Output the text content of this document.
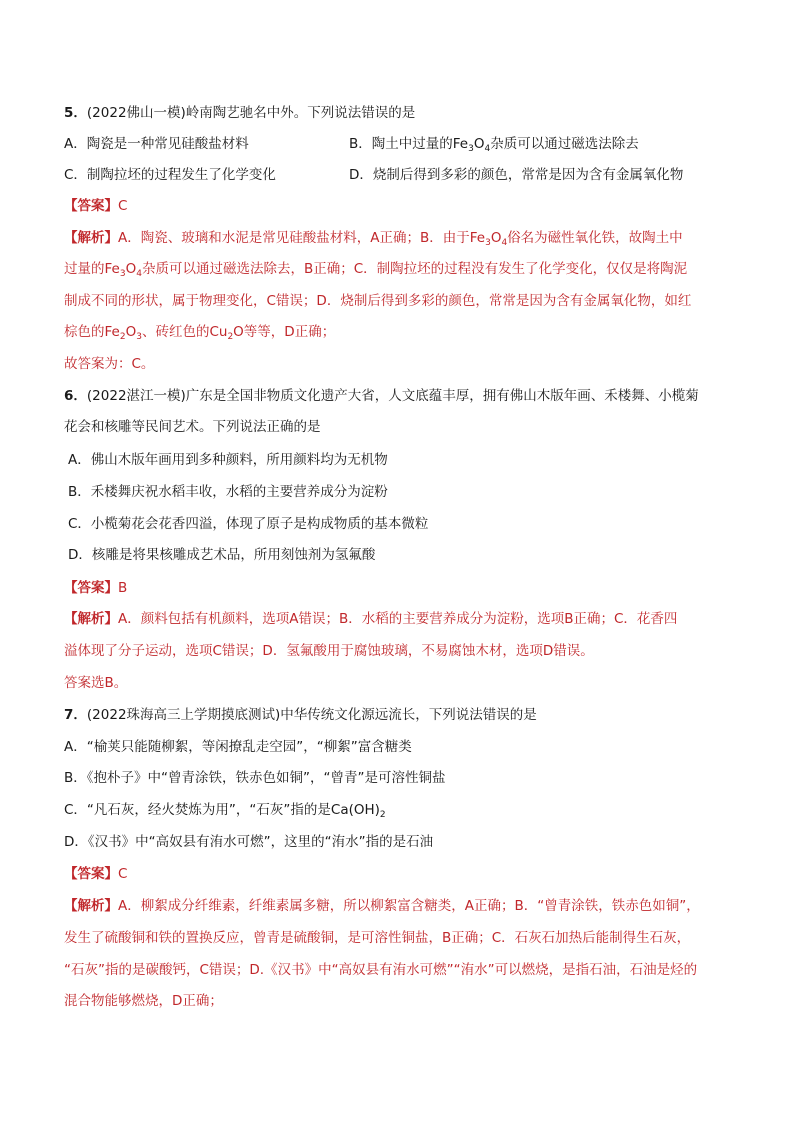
5．(2022佛山一模)岭南陶艺驰名中外。下列说法错误的是
A．陶瓷是一种常见硅酸盐材料	B．陶土中过量的$Fe_3O_4$杂质可以通过磁选法除去
C．制陶拉坯的过程发生了化学变化	D．烧制后得到多彩的颜色，常常是因为含有金属氧化物
【答案】C
【解析】A．陶瓷、玻璃和水泥是常见硅酸盐材料，A正确；B．由于$Fe_3O_4$俗名为磁性氧化铁，故陶土中
过量的$Fe_3O_4$杂质可以通过磁选法除去，B正确；C．制陶拉坯的过程没有发生了化学变化，仅仅是将陶泥
制成不同的形状，属于物理变化，C错误；D．烧制后得到多彩的颜色，常常是因为含有金属氧化物，如红
棕色的$Fe_2O_3$、砖红色的$Cu_2O$等等，D正确；
故答案为：C。
6．(2022湛江一模)广东是全国非物质文化遗产大省，人文底蕴丰厚，拥有佛山木版年画、禾楼舞、小榄菊
花会和核雕等民间艺术。下列说法正确的是
A．佛山木版年画用到多种颜料，所用颜料均为无机物
B．禾楼舞庆祝水稻丰收，水稻的主要营养成分为淀粉
C．小榄菊花会花香四溢，体现了原子是构成物质的基本微粒
D．核雕是将果核雕成艺术品，所用刻蚀剂为氢氟酸
【答案】B
【解析】A．颜料包括有机颜料，选项A错误；B．水稻的主要营养成分为淀粉，选项B正确；C．花香四
溢体现了分子运动，选项C错误；D．氢氟酸用于腐蚀玻璃，不易腐蚀木材，选项D错误。
答案选B。
7．(2022珠海高三上学期摸底测试)中华传统文化源远流长，下列说法错误的是
A．“榆荚只能随柳絮，等闲撩乱走空园”，“柳絮”富含糖类
B．《抱朴子》中“曾青涂铁，铁赤色如铜”，“曾青”是可溶性铜盐
C．“凡石灰，经火焚炼为用”，“石灰”指的是$Ca(OH)_2$
D．《汉书》中“高奴县有洧水可燃”，这里的“洧水”指的是石油
【答案】C
【解析】A．柳絮成分纤维素，纤维素属多糖，所以柳絮富含糖类，A正确；B．“曾青涂铁，铁赤色如铜”，
发生了硫酸铜和铁的置换反应，曾青是硫酸铜，是可溶性铜盐，B正确；C．石灰石加热后能制得生石灰，
“石灰”指的是碳酸钙，C错误；D.《汉书》中“高奴县有洧水可燃”“洧水”可以燃烧，是指石油，石油是烃的
混合物能够燃烧，D正确；
